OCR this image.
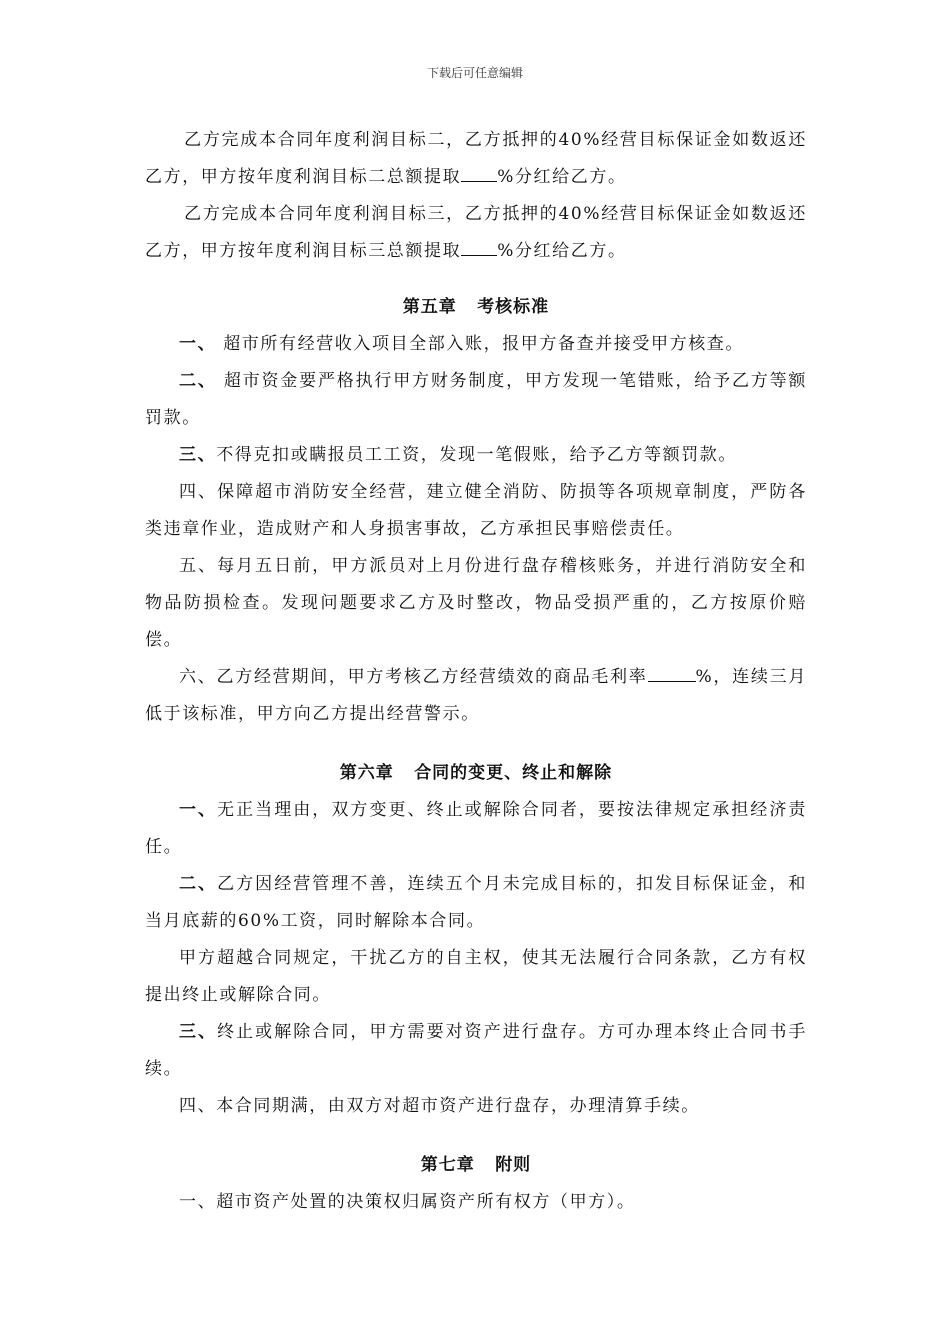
下载后可任意编辑

乙方完成本合同年度利润目标二，乙方抵押的40%经营目标保证金如数返还乙方，甲方按年度利润目标二总额提取 %分红给乙方。

乙方完成本合同年度利润目标三，乙方抵押的40%经营目标保证金如数返还乙方，甲方按年度利润目标三总额提取 %分红给乙方。

第五章 考核标准

一、 超市所有经营收入项目全部入账，报甲方备查并接受甲方核查。

二、 超市资金要严格执行甲方财务制度，甲方发现一笔错账，给予乙方等额罚款。

三、不得克扣或瞒报员工工资，发现一笔假账，给予乙方等额罚款。

四、保障超市消防安全经营，建立健全消防、防损等各项规章制度，严防各类违章作业，造成财产和人身损害事故，乙方承担民事赔偿责任。

五、每月五日前，甲方派员对上月份进行盘存稽核账务，并进行消防安全和物品防损检查。发现问题要求乙方及时整改，物品受损严重的，乙方按原价赔偿。

六、乙方经营期间，甲方考核乙方经营绩效的商品毛利率	%，连续三月低于该标准，甲方向乙方提出经营警示。

第六章 合同的变更、终止和解除

一、无正当理由，双方变更、终止或解除合同者，要按法律规定承担经济责任。

二、乙方因经营管理不善，连续五个月未完成目标的，扣发目标保证金，和当月底薪的60%工资，同时解除本合同。

甲方超越合同规定，干扰乙方的自主权，使其无法履行合同条款，乙方有权提出终止或解除合同。

三、终止或解除合同，甲方需要对资产进行盘存。方可办理本终止合同书手续。

四、本合同期满，由双方对超市资产进行盘存，办理清算手续。

第七章 附则

一、超市资产处置的决策权归属资产所有权方（甲方）。
